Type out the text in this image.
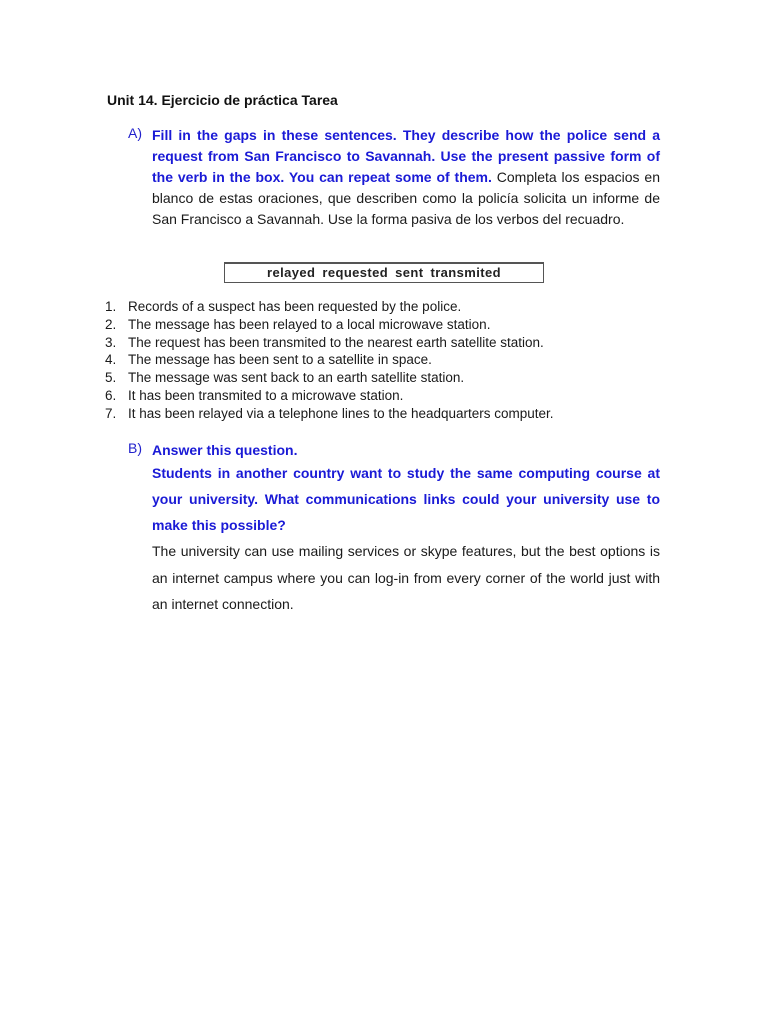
Unit 14. Ejercicio de práctica Tarea
A) Fill in the gaps in these sentences. They describe how the police send a request from San Francisco to Savannah. Use the present passive form of the verb in the box. You can repeat some of them. Completa los espacios en blanco de estas oraciones, que describen como la policía solicita un informe de San Francisco a Savannah. Use la forma pasiva de los verbos del recuadro.
relayed requested sent transmited
1. Records of a suspect has been requested by the police.
2. The message has been relayed to a local microwave station.
3. The request has been transmited to the nearest earth satellite station.
4. The message has been sent to a satellite in space.
5. The message was sent back to an earth satellite station.
6. It has been transmited to a microwave station.
7. It has been relayed via a telephone lines to the headquarters computer.
B) Answer this question.
Students in another country want to study the same computing course at your university. What communications links could your university use to make this possible?
The university can use mailing services or skype features, but the best options is an internet campus where you can log-in from every corner of the world just with an internet connection.
